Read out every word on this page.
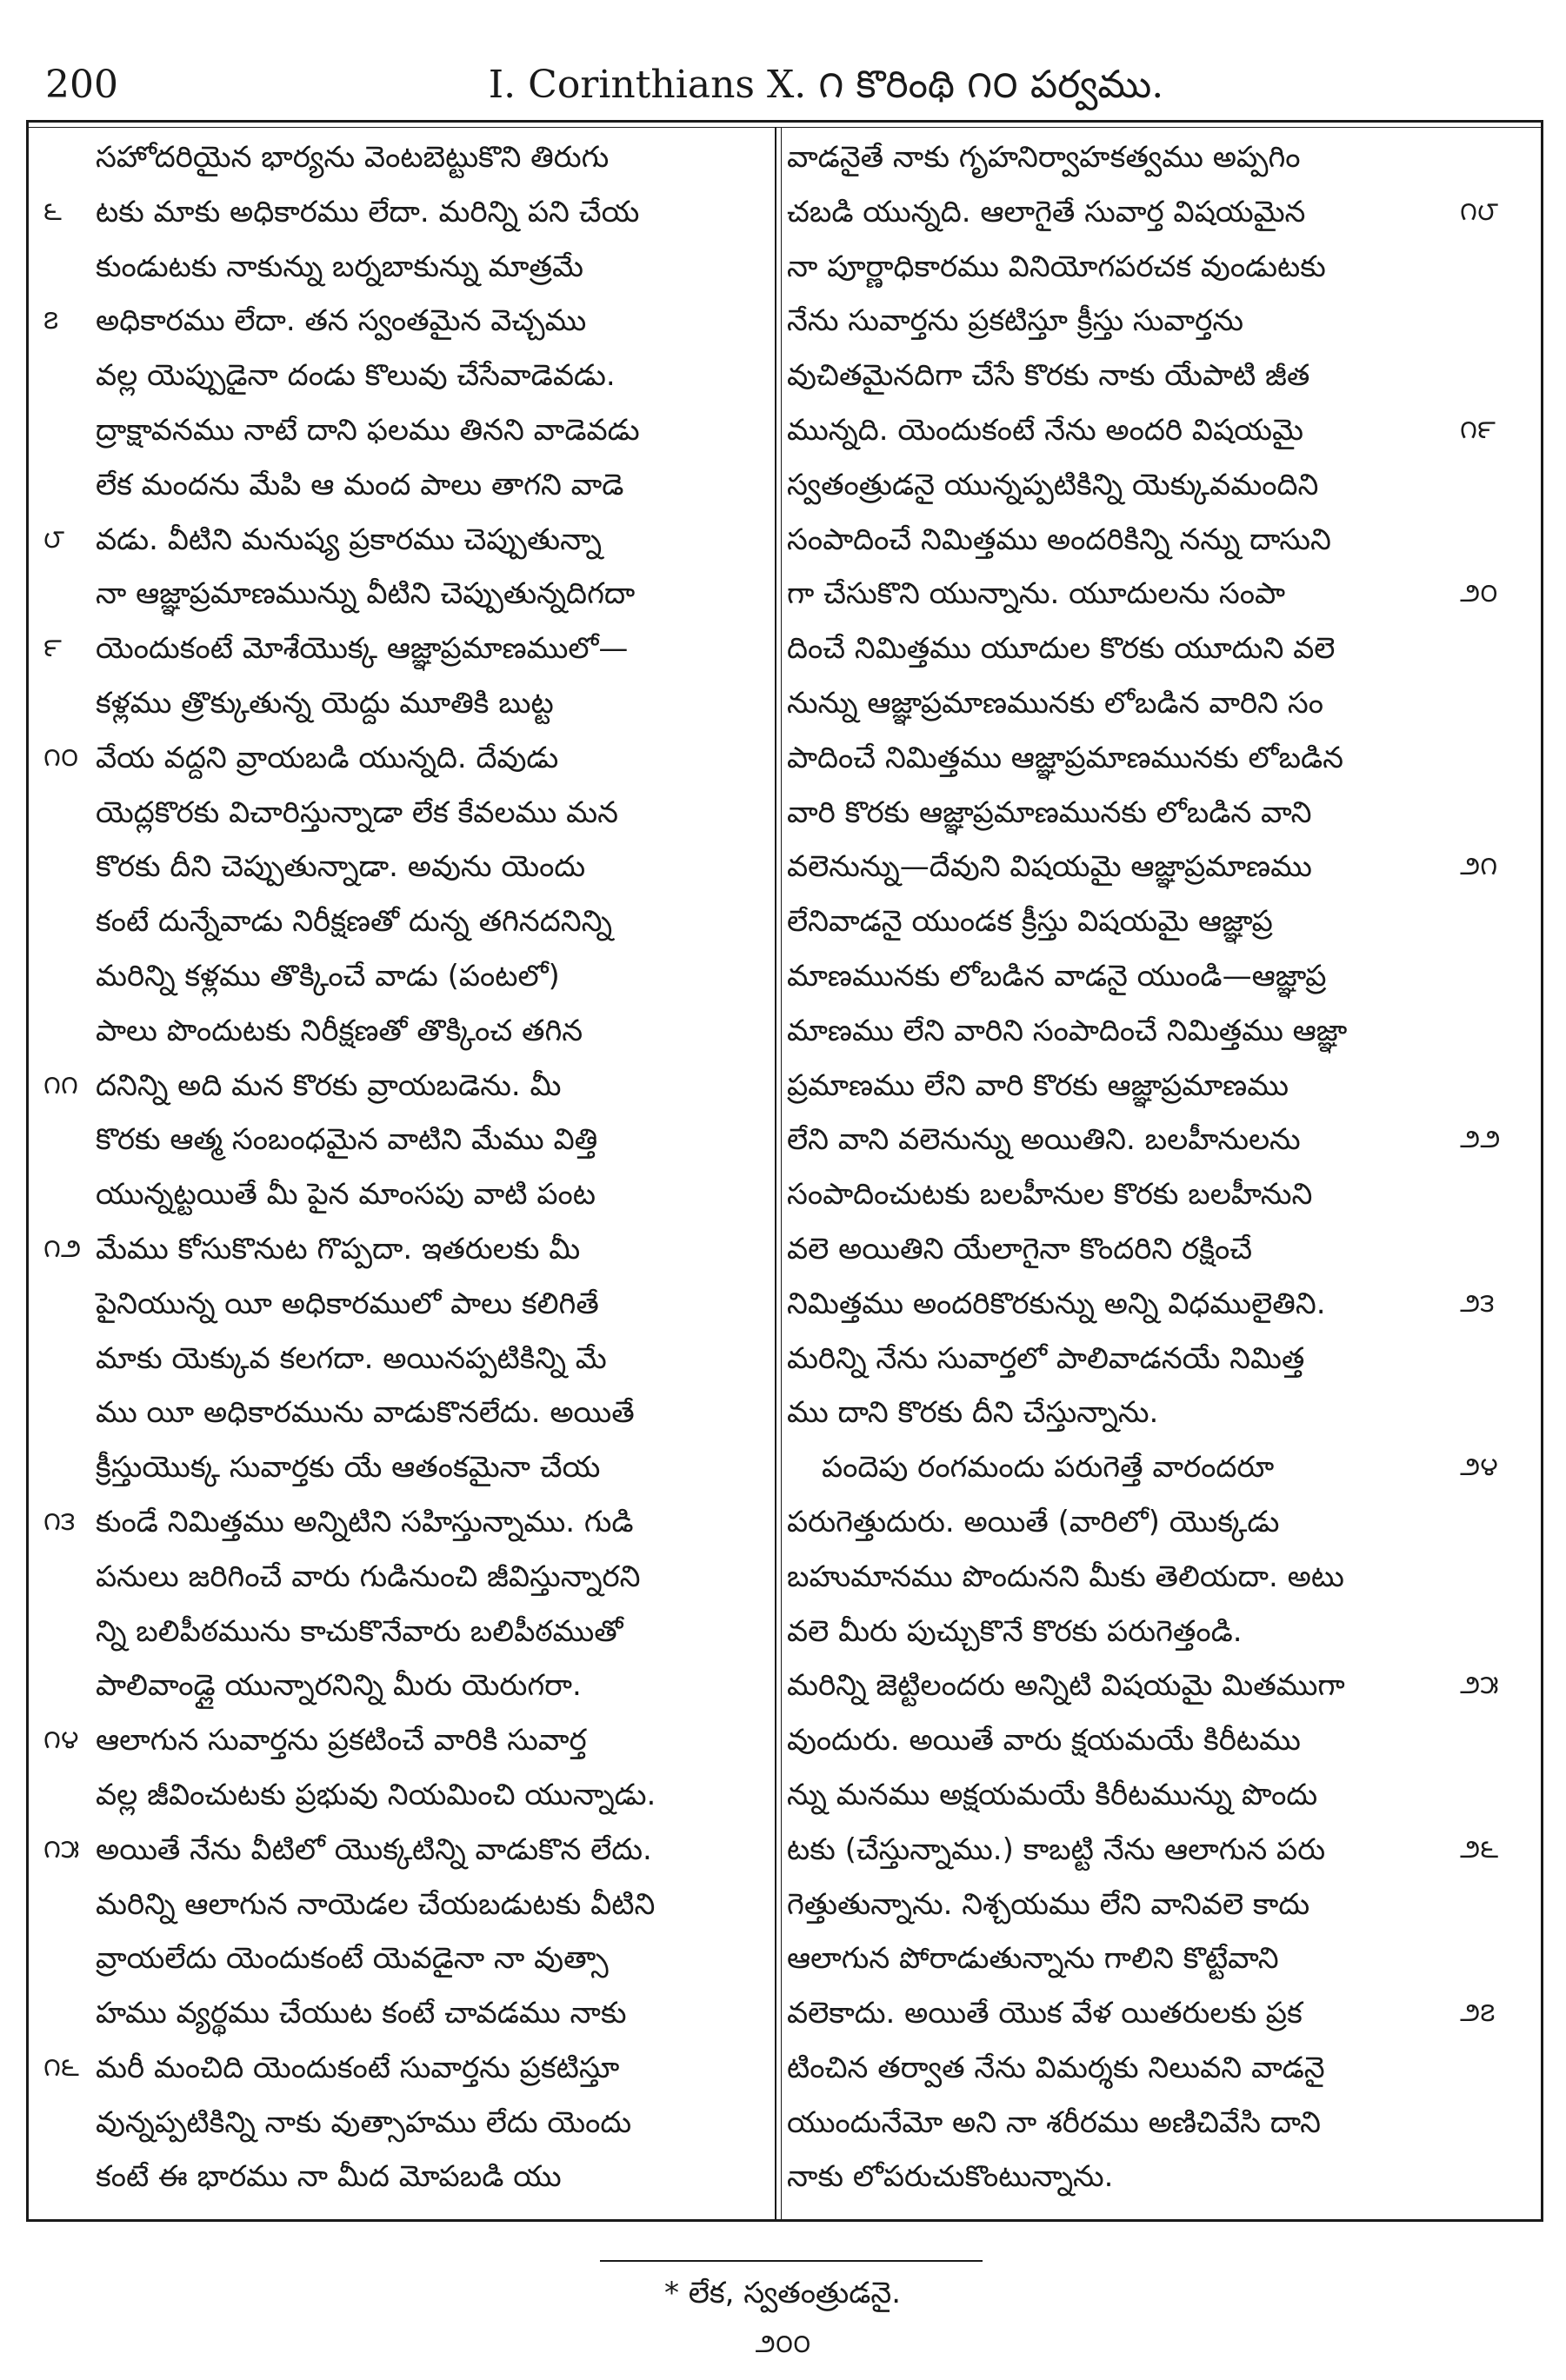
200	I. Corinthians X. ౧ కొరింథి ౧౦ పర్వము.
సహోదరియైన భార్యను వెంటబెట్టుకొని తిరుగు
౬	టకు మాకు అధికారము లేదా. మరిన్ని పని చేయ
కుండుటకు నాకున్ను బర్నబాకున్ను మాత్రమే
౭	అధికారము లేదా. తన స్వంతమైన వెచ్చము
వల్ల యెప్పుడైనా దండు కొలువు చేసేవాడెవడు.
ద్రాక్షావనము నాటే దాని ఫలము తినని వాడెవడు
లేక మందను మేపి ఆ మంద పాలు తాగని వాడె
౮	వడు. వీటిని మనుష్య ప్రకారము చెప్పుతున్నా
నా ఆజ్ఞాప్రమాణమున్ను వీటిని చెప్పుతున్నదిగదా
౯	యెందుకంటే మోశేయొక్క ఆజ్ఞాప్రమాణములో—
కళ్లము త్రొక్కుతున్న యెద్దు మూతికి బుట్ట
౧౦ వేయ వద్దని వ్రాయబడి యున్నది. దేవుడు
యెద్లకొరకు విచారిస్తున్నాడా లేక కేవలము మన
కొరకు దీని చెప్పుతున్నాడా. అవును యెందు
కంటే దున్నేవాడు నిరీక్షణతో దున్న తగినదనిన్ని
మరిన్ని కళ్లము తొక్కించే వాడు (పంటలో)
పాలు పొందుటకు నిరీక్షణతో తొక్కించ తగిన
౧౧ దనిన్ని అది మన కొరకు వ్రాయబడెను. మీ
కొరకు ఆత్మ సంబంధమైన వాటిని మేము విత్తి
యున్నట్టయితే మీ పైన మాంసపు వాటి పంట
౧౨ మేము కోసుకొనుట గొప్పదా. ఇతరులకు మీ
పైనియున్న యీ అధికారములో పాలు కలిగితే
మాకు యెక్కువ కలగదా. అయినప్పటికిన్ని మే
ము యీ అధికారమును వాడుకొనలేదు. అయితే
క్రీస్తుయొక్క సువార్తకు యే ఆతంకమైనా చేయ
౧౩ కుండే నిమిత్తము అన్నిటిని సహిస్తున్నాము. గుడి
పనులు జరిగించే వారు గుడినుంచి జీవిస్తున్నారని
న్ని బలిపీఠమును కాచుకొనేవారు బలిపీఠముతో
పాలివాండ్లై యున్నారనిన్ని మీరు యెరుగరా.
౧౪ ఆలాగున సువార్తను ప్రకటించే వారికి సువార్త
వల్ల జీవించుటకు ప్రభువు నియమించి యున్నాడు.
౧౫ అయితే నేను వీటిలో యొక్కటిన్ని వాడుకొన లేదు.
మరిన్ని ఆలాగున నాయెడల చేయబడుటకు వీటిని
వ్రాయలేదు యెందుకంటే యెవడైనా నా వుత్సా
హము వ్యర్థము చేయుట కంటే చావడము నాకు
౧౬ మరీ మంచిది యెందుకంటే సువార్తను ప్రకటిస్తూ
వున్నప్పటికిన్ని నాకు వుత్సాహము లేదు యెందు
కంటే ఈ భారము నా మీద మోపబడి యు
వాడనైతే నాకు గృహనిర్వాహకత్వము అప్పగిం
౧౮
చబడి యున్నది. ఆలాగైతే సువార్త విషయమైన
నా పూర్ణాధికారము వినియోగపరచక వుండుటకు
నేను సువార్తను ప్రకటిస్తూ క్రీస్తు సువార్తను
వుచితమైనదిగా చేసే కొరకు నాకు యేపాటి జీత
౧౯
మున్నది. యెందుకంటే నేను అందరి విషయమై
స్వతంత్రుడనై యున్నప్పటికిన్ని యెక్కువమందిని
సంపాదించే నిమిత్తము అందరికిన్ని నన్ను దాసుని
౨౦
గా చేసుకొని యున్నాను. యూదులను సంపా
దించే నిమిత్తము యూదుల కొరకు యూదుని వలె
నున్ను ఆజ్ఞాప్రమాణమునకు లోబడిన వారిని సం
పాదించే నిమిత్తము ఆజ్ఞాప్రమాణమునకు లోబడిన
వారి కొరకు ఆజ్ఞాప్రమాణమునకు లోబడిన వాని
౨౧
వలెనున్ను—దేవుని విషయమై ఆజ్ఞాప్రమాణము
లేనివాడనై యుండక క్రీస్తు విషయమై ఆజ్ఞాప్ర
మాణమునకు లోబడిన వాడనై యుండి—ఆజ్ఞాప్ర
మాణము లేని వారిని సంపాదించే నిమిత్తము ఆజ్ఞా
ప్రమాణము లేని వారి కొరకు ఆజ్ఞాప్రమాణము
౨౨
లేని వాని వలెనున్ను అయితిని. బలహీనులను
సంపాదించుటకు బలహీనుల కొరకు బలహీనుని
వలె అయితిని యేలాగైనా కొందరిని రక్షించే
౨౩
నిమిత్తము అందరికొరకున్ను అన్ని విధములైతిని.
మరిన్ని నేను సువార్తలో పాలివాడనయే నిమిత్త
ము దాని కొరకు దీని చేస్తున్నాను.
౨౪
పందెపు రంగమందు పరుగెత్తే వారందరూ
పరుగెత్తుదురు. అయితే (వారిలో) యొక్కడు
బహుమానము పొందునని మీకు తెలియదా. అటు
వలె మీరు పుచ్చుకొనే కొరకు పరుగెత్తండి.
౨౫
మరిన్ని జెట్టిలందరు అన్నిటి విషయమై మితముగా
వుందురు. అయితే వారు క్షయమయే కిరీటము
న్ను మనము అక్షయమయే కిరీటమున్ను పొందు
౨౬
టకు (చేస్తున్నాము.) కాబట్టి నేను ఆలాగున పరు
గెత్తుతున్నాను. నిశ్చయము లేని వానివలె కాదు
ఆలాగున పోరాడుతున్నాను గాలిని కొట్టేవాని
౨౭
వలెకాదు. అయితే యొక వేళ యితరులకు ప్రక
టించిన తర్వాత నేను విమర్శకు నిలువని వాడనై
యుందునేమో అని నా శరీరము అణిచివేసి దాని
నాకు లోపరుచుకొంటున్నాను.
* లేక, స్వతంత్రుడనై.
౨౦౦
